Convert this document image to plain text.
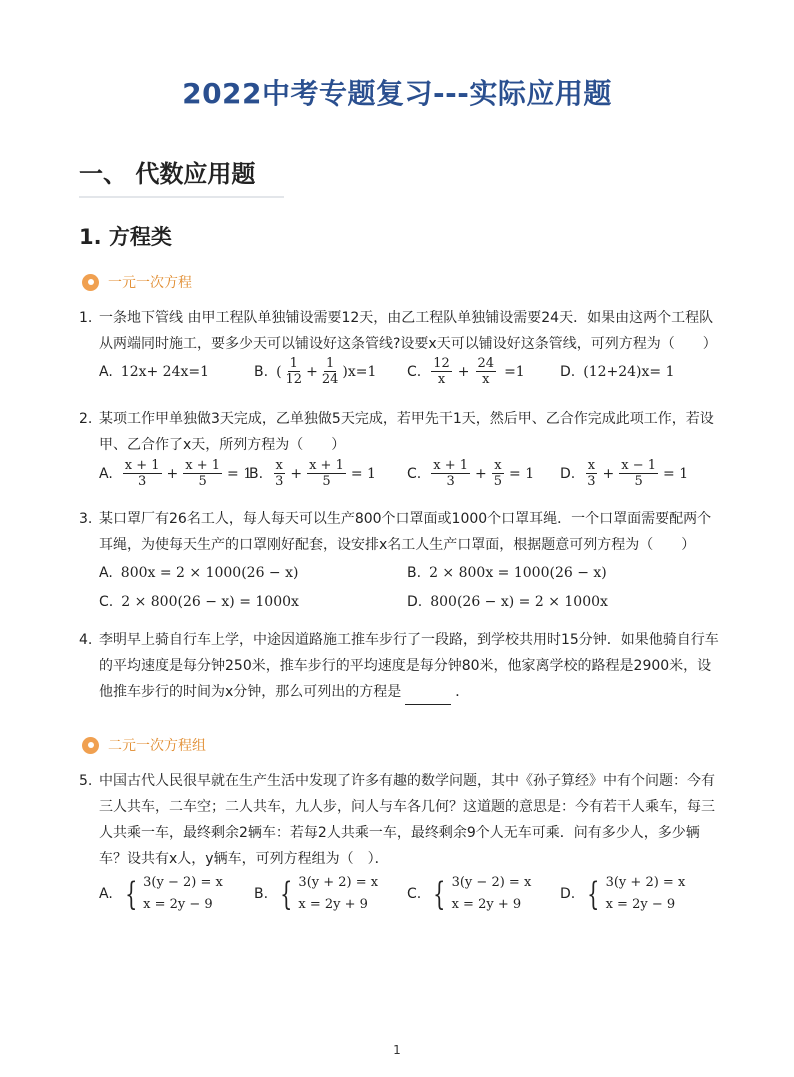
2022中考专题复习---实际应用题
一、 代数应用题
1. 方程类
一元一次方程
1. 一条地下管线 由甲工程队单独铺设需要12天，由乙工程队单独铺设需要24天．如果由这两个工程队从两端同时施工，要多少天可以铺设好这条管线?设要x天可以铺设好这条管线，可列方程为（　　）
A. 12x+ 24x=1	B. ( $\frac{1}{12} + \frac{1}{24} )x=1$ C. $\frac{12}{x} + \frac{24}{x} =1$	D. (12+24)x= 1
2. 某项工作甲单独做3天完成，乙单独做5天完成，若甲先干1天，然后甲、乙合作完成此项工作，若设甲、乙合作了x天，所列方程为（　　）
A. $\frac{x + 1}{3} + \frac{x + 1}{5} = 1$
B. $\frac{x}{3} + \frac{x + 1}{5} = 1$ C. $\frac{x + 1}{3} + \frac{x}{5} = 1$ D. $\frac{x}{3} + \frac{x - 1}{5} = 1$
3. 某口罩厂有26名工人，每人每天可以生产800个口罩面或1000个口罩耳绳．一个口罩面需要配两个耳绳，为使每天生产的口罩刚好配套，设安排x名工人生产口罩面，根据题意可列方程为（　　）
A. 800x = 2 × 1000(26 − x)	B. 2 × 800x = 1000(26 − x)
C. 2 × 800(26 − x) = 1000x	D. 800(26 − x) = 2 × 1000x
4. 李明早上骑自行车上学，中途因道路施工推车步行了一段路，到学校共用时15分钟．如果他骑自行车的平均速度是每分钟250米，推车步行的平均速度是每分钟80米，他家离学校的路程是2900米，设他推车步行的时间为x分钟，那么可列出的方程是	．
二元一次方程组
5. 中国古代人民很早就在生产生活中发现了许多有趣的数学问题，其中《孙子算经》中有个问题：今有三人共车，二车空；二人共车，九人步，问人与车各几何？这道题的意思是：今有若干人乘车，每三人共乘一车，最终剩余2辆车：若每2人共乘一车，最终剩余9个人无车可乘．问有多少人，多少辆车？设共有x人，y辆车，可列方程组为（　）．
A. { 3(y − 2) = x
x = 2y − 9
B. { 3(y + 2) = x
x = 2y + 9
C. { 3(y − 2) = x
x = 2y + 9
D. { 3(y + 2) = x
x = 2y − 9
1
